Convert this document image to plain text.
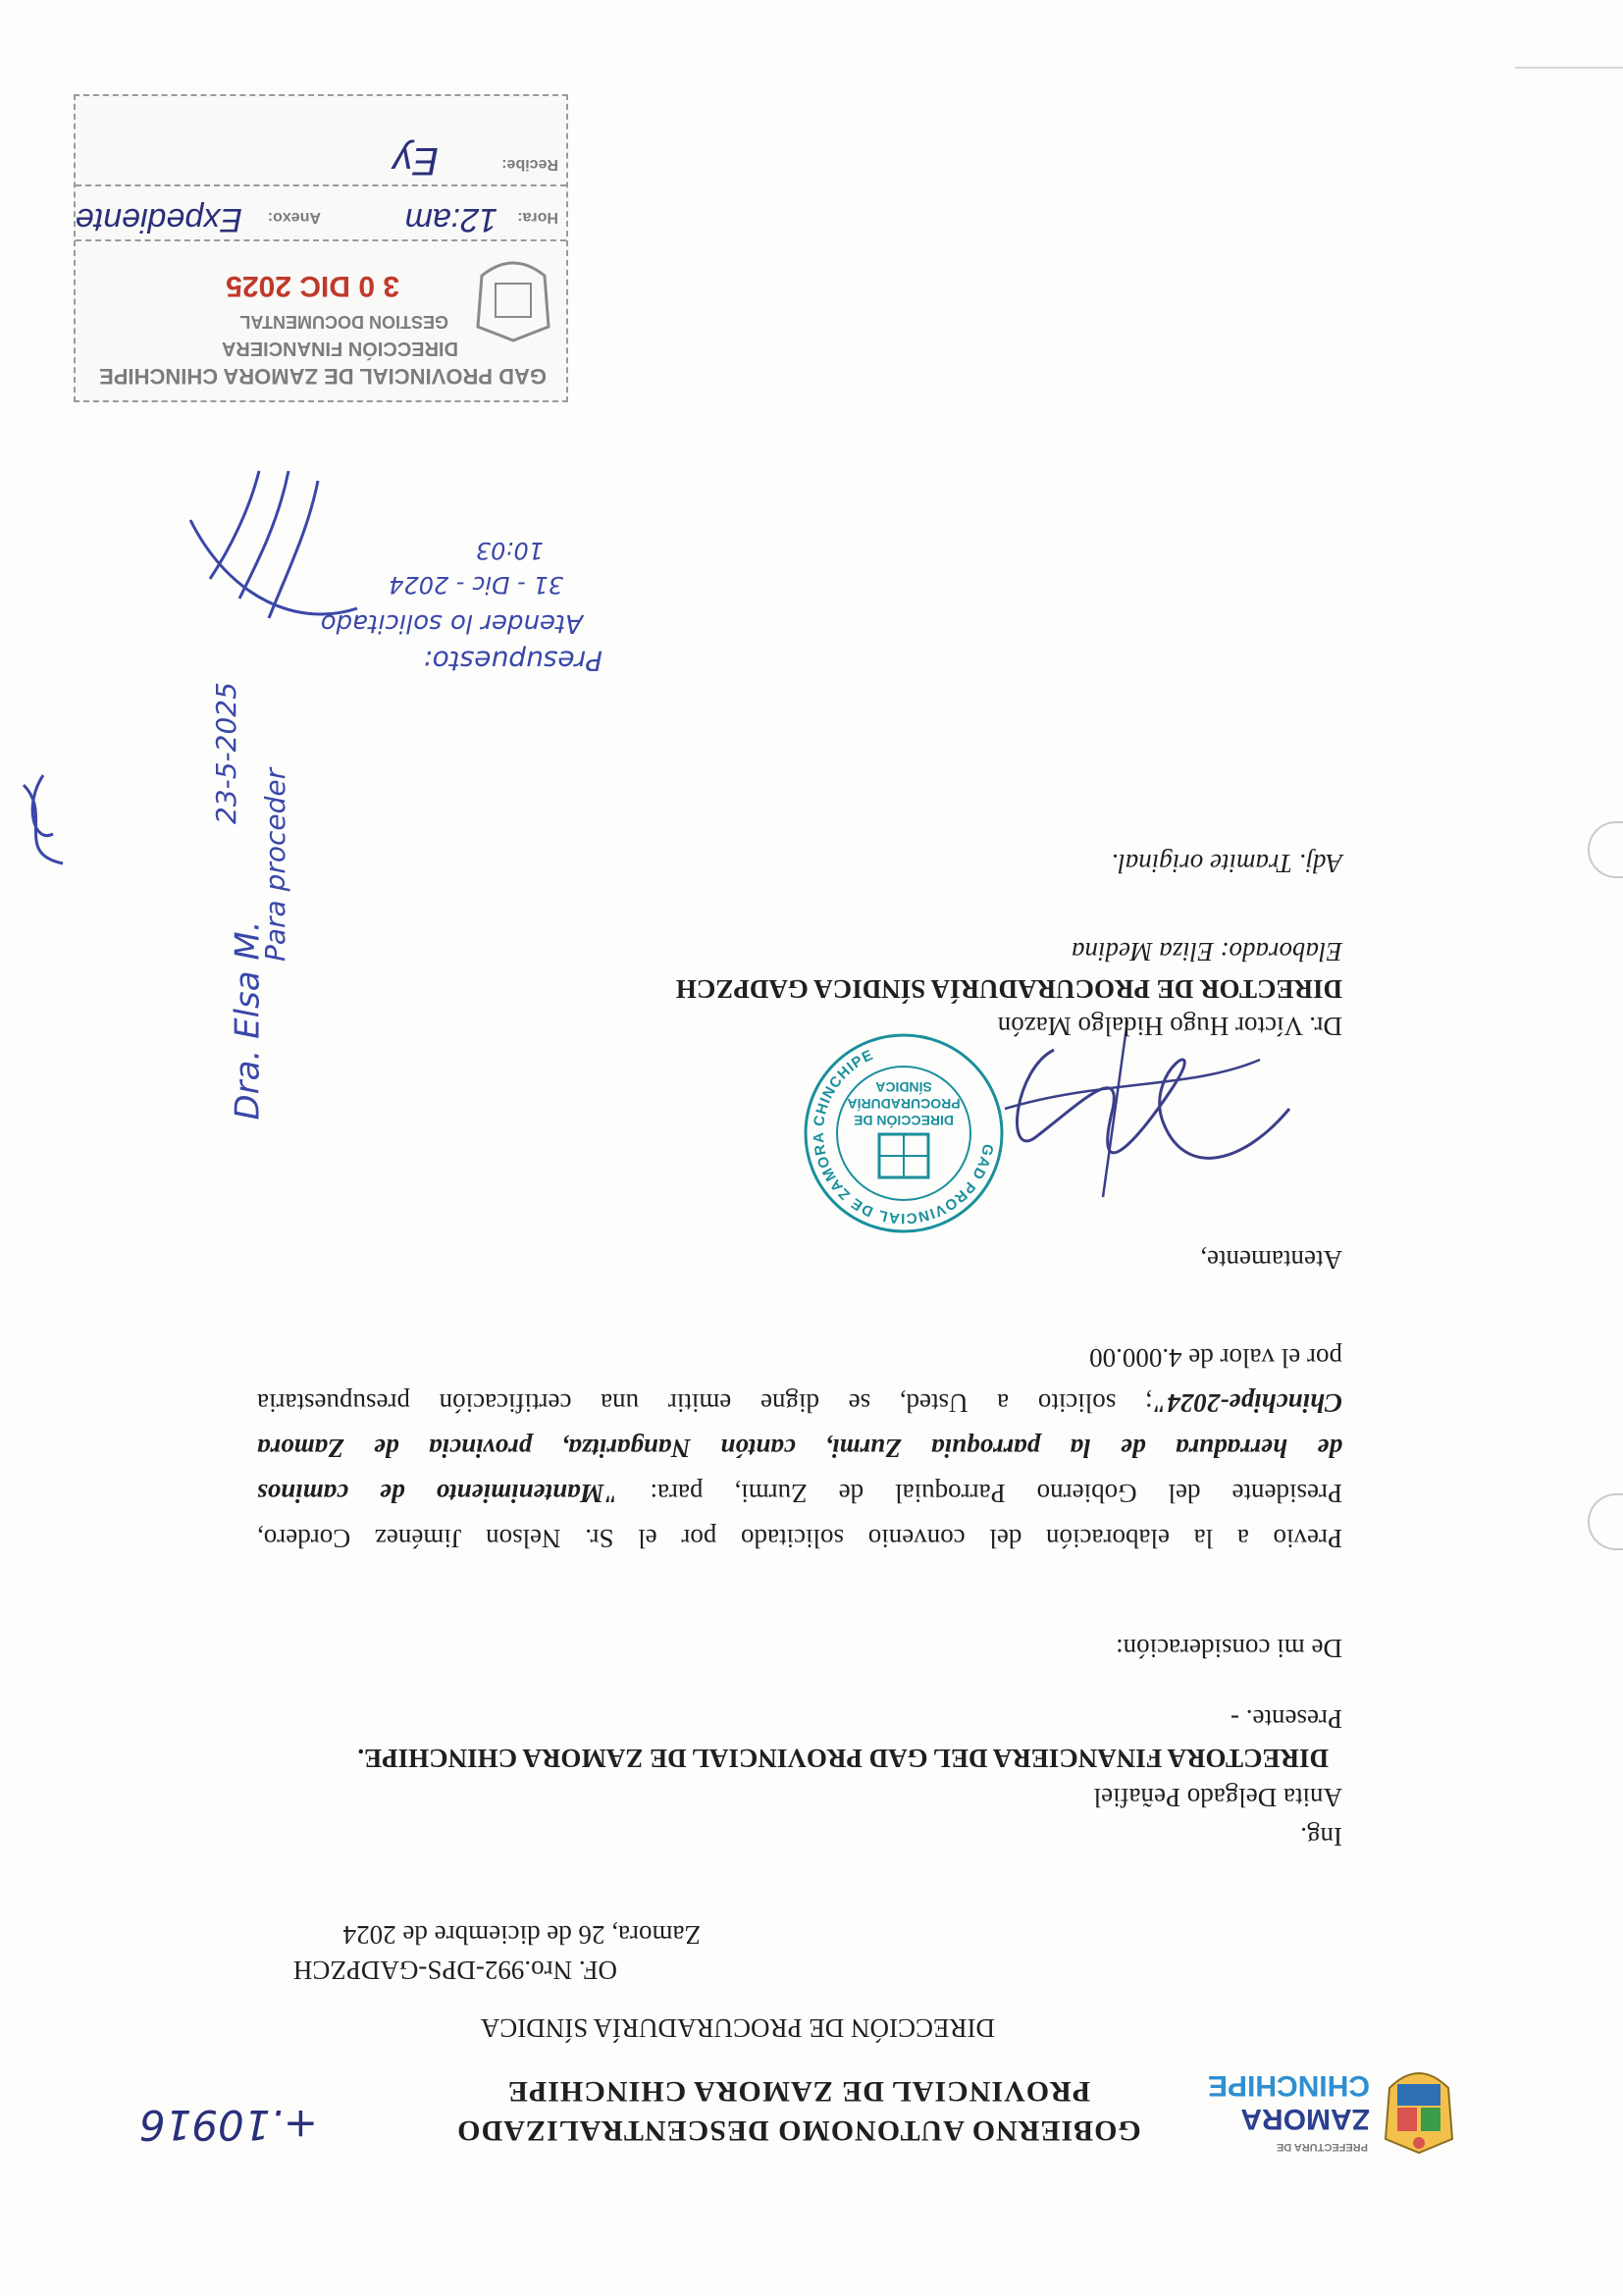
PREFECTURA DE
ZAMORA
CHINCHIPE
GOBIERNO AUTONOMO DESCENTRALIZADO
PROVINCIAL DE ZAMORA CHINCHIPE
+.10916
DIRECCIÓN DE PROCURADURÍA SÍNDICA
OF. Nro.992-DPS-GADPZCH
Zamora, 26 de diciembre de 2024
Ing.
Anita Delgado Peñafiel
DIRECTORA FINANCIERA DEL GAD PROVINCIAL DE ZAMORA CHINCHIPE.
Presente. -
De mi consideración:
Previo a la elaboración del convenio solicitado por el Sr. Nelson Jiménez Cordero,
Presidente del Gobierno Parroquial de Zurmi, para: "Mantenimiento de caminos
de herradura de la parroquia Zurmi, cantón Nangaritza, provincia de Zamora
Chinchipe-2024"; solicito a Usted, se digne emitir una certificación presupuestaria
por el valor de 4.000.00
Atentamente,
GAD PROVINCIAL DE ZAMORA CHINCHIPE
DIRECCIÓN DE
PROCURADURÍA
SÍNDICA
Dr. Víctor Hugo Hidalgo Mazón
DIRECTOR DE PROCURADURÍA SÍNDICA GADPZCH
Elaborado: Eliza Medina
Adj. Tramite original.
Dra. Elsa M.
Para proceder
23-5-2025
Presupuesto:
Atender lo solicitado
31 - Dic - 2024
10:03
GAD PROVINCIAL DE ZAMORA CHINCHIPE
DIRECCIÓN FINANCIERA
GESTION DOCUMENTAL
3 0 DIC 2025
Hora:
12:am
Anexo:
Expediente
Recibe:
Ey
